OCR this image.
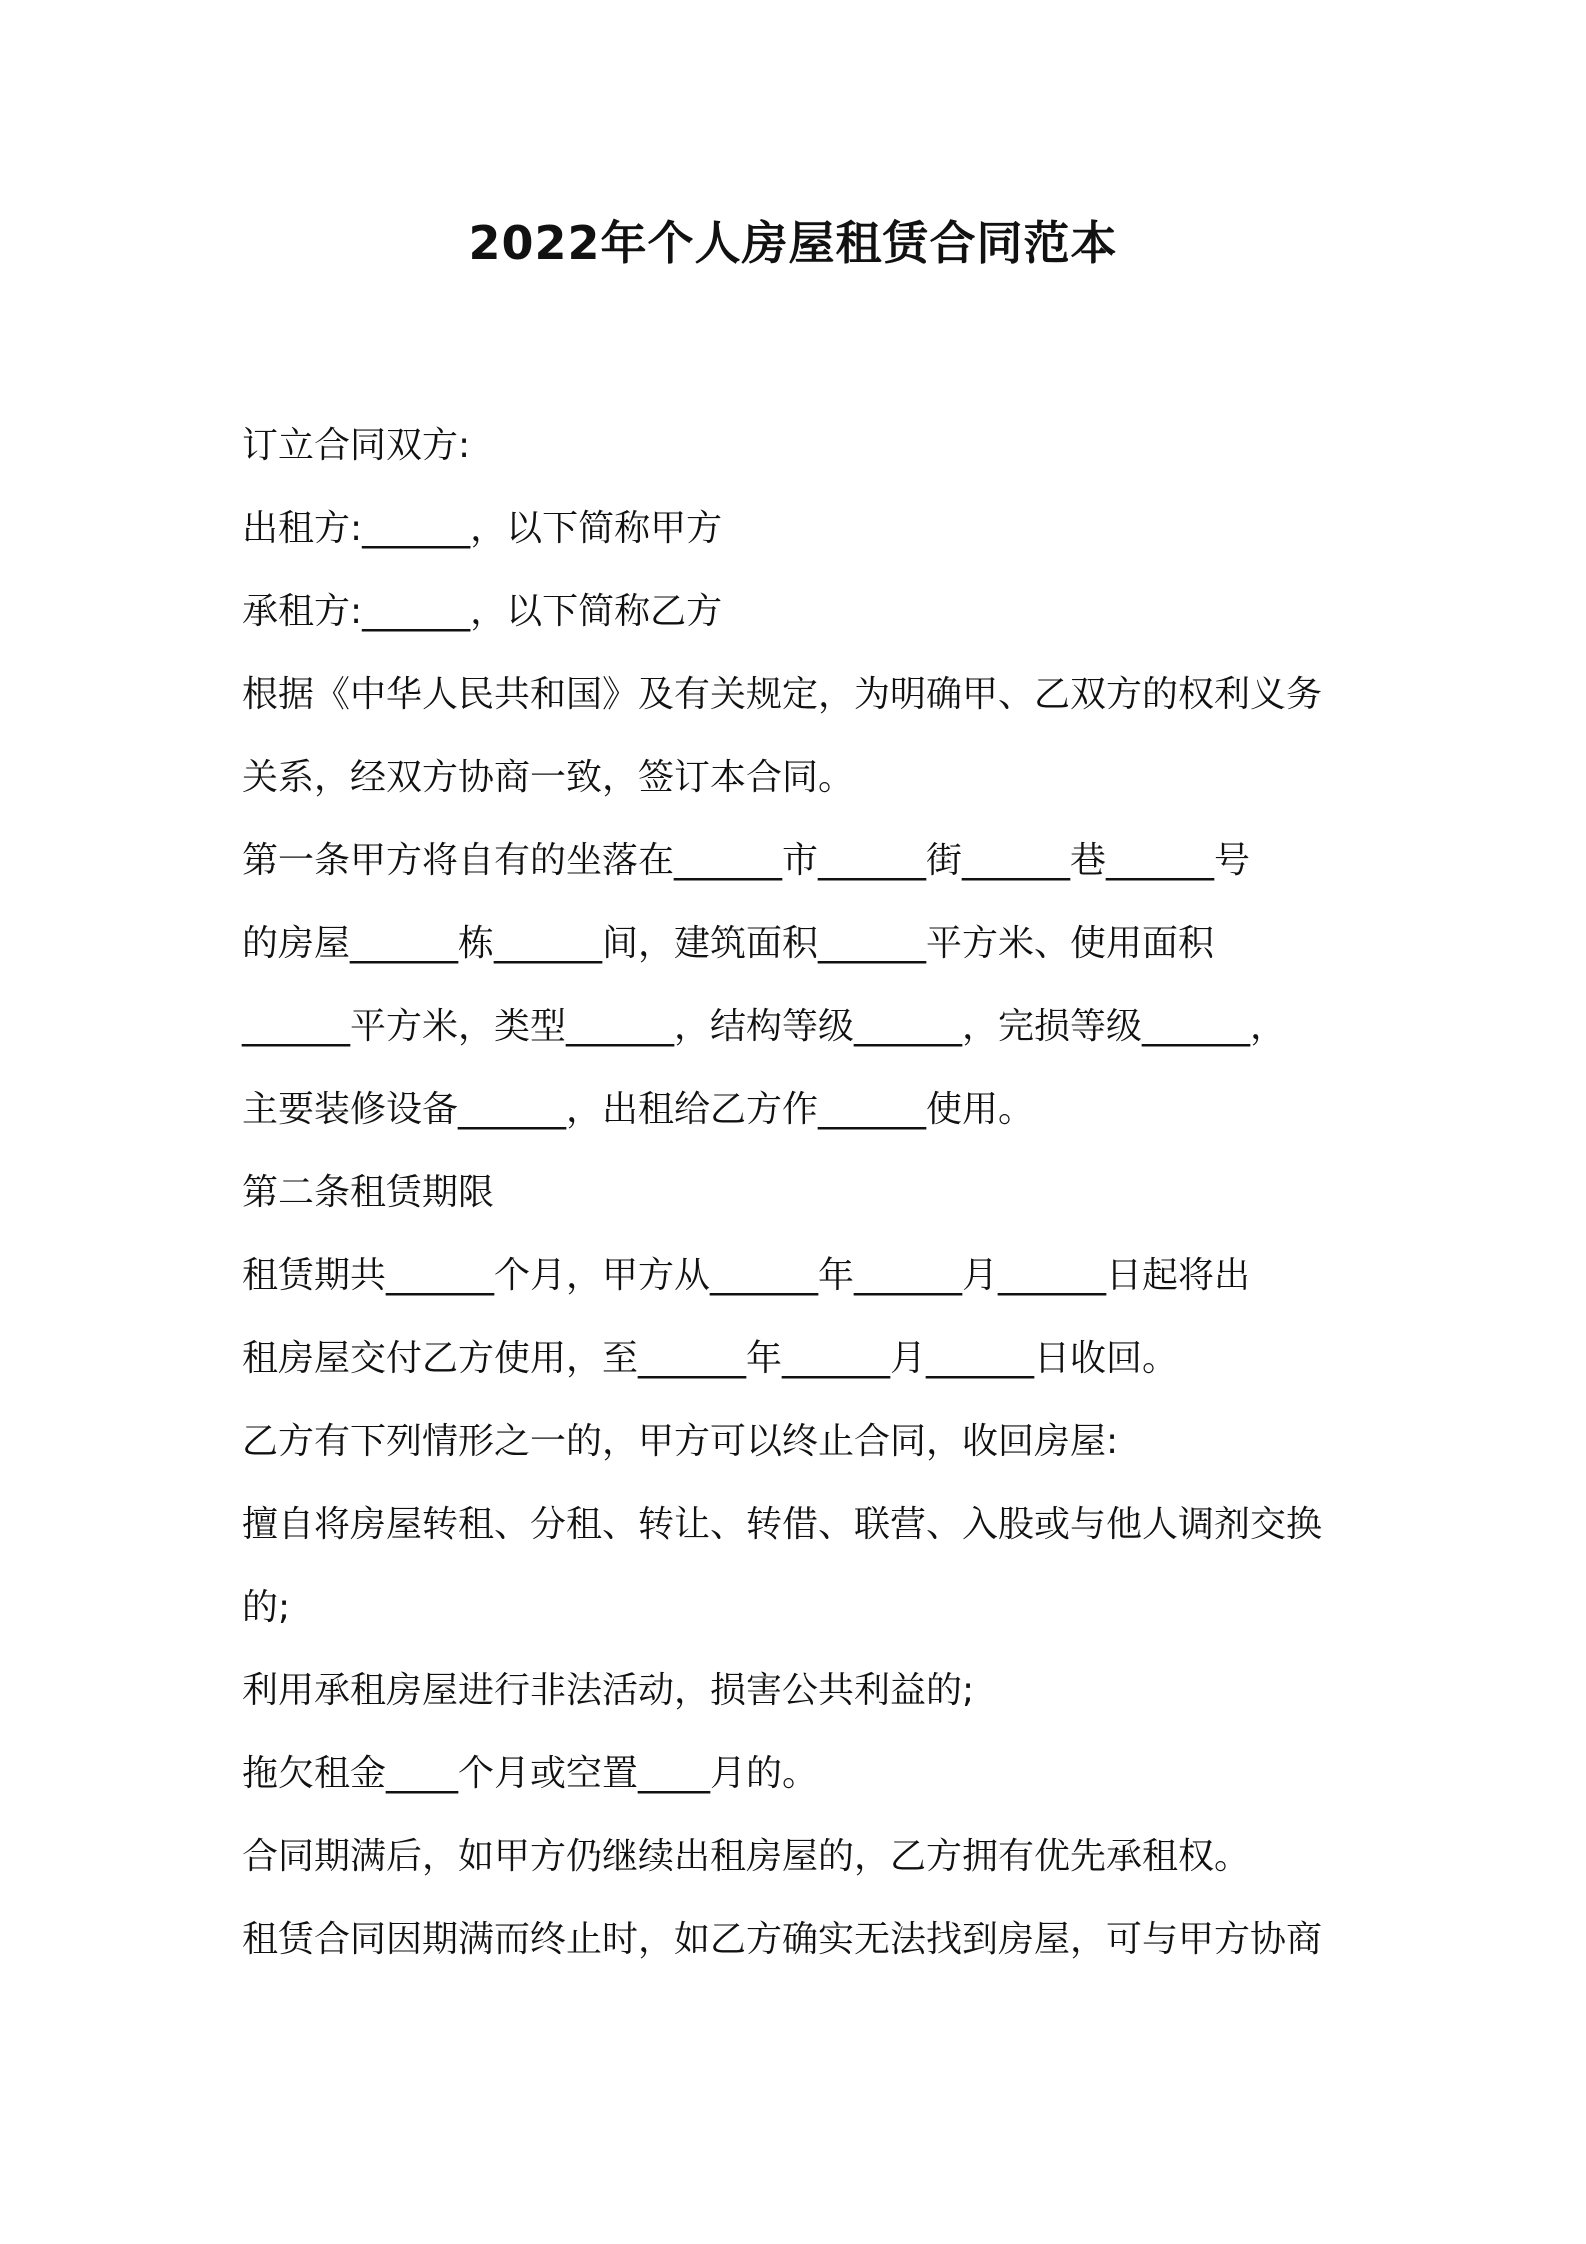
2022年个人房屋租赁合同范本

订立合同双方:

出租方:______，以下简称甲方

承租方:______，以下简称乙方

根据《中华人民共和国》及有关规定，为明确甲、乙双方的权利义务

关系，经双方协商一致，签订本合同。

第一条甲方将自有的坐落在______市______街______巷______号

的房屋______栋______间，建筑面积______平方米、使用面积

______平方米，类型______，结构等级______，完损等级______，

主要装修设备______，出租给乙方作______使用。

第二条租赁期限

租赁期共______个月，甲方从______年______月______日起将出

租房屋交付乙方使用，至______年______月______日收回。

乙方有下列情形之一的，甲方可以终止合同，收回房屋:

擅自将房屋转租、分租、转让、转借、联营、入股或与他人调剂交换

的;

利用承租房屋进行非法活动，损害公共利益的;

拖欠租金____个月或空置____月的。

合同期满后，如甲方仍继续出租房屋的，乙方拥有优先承租权。

租赁合同因期满而终止时，如乙方确实无法找到房屋，可与甲方协商
